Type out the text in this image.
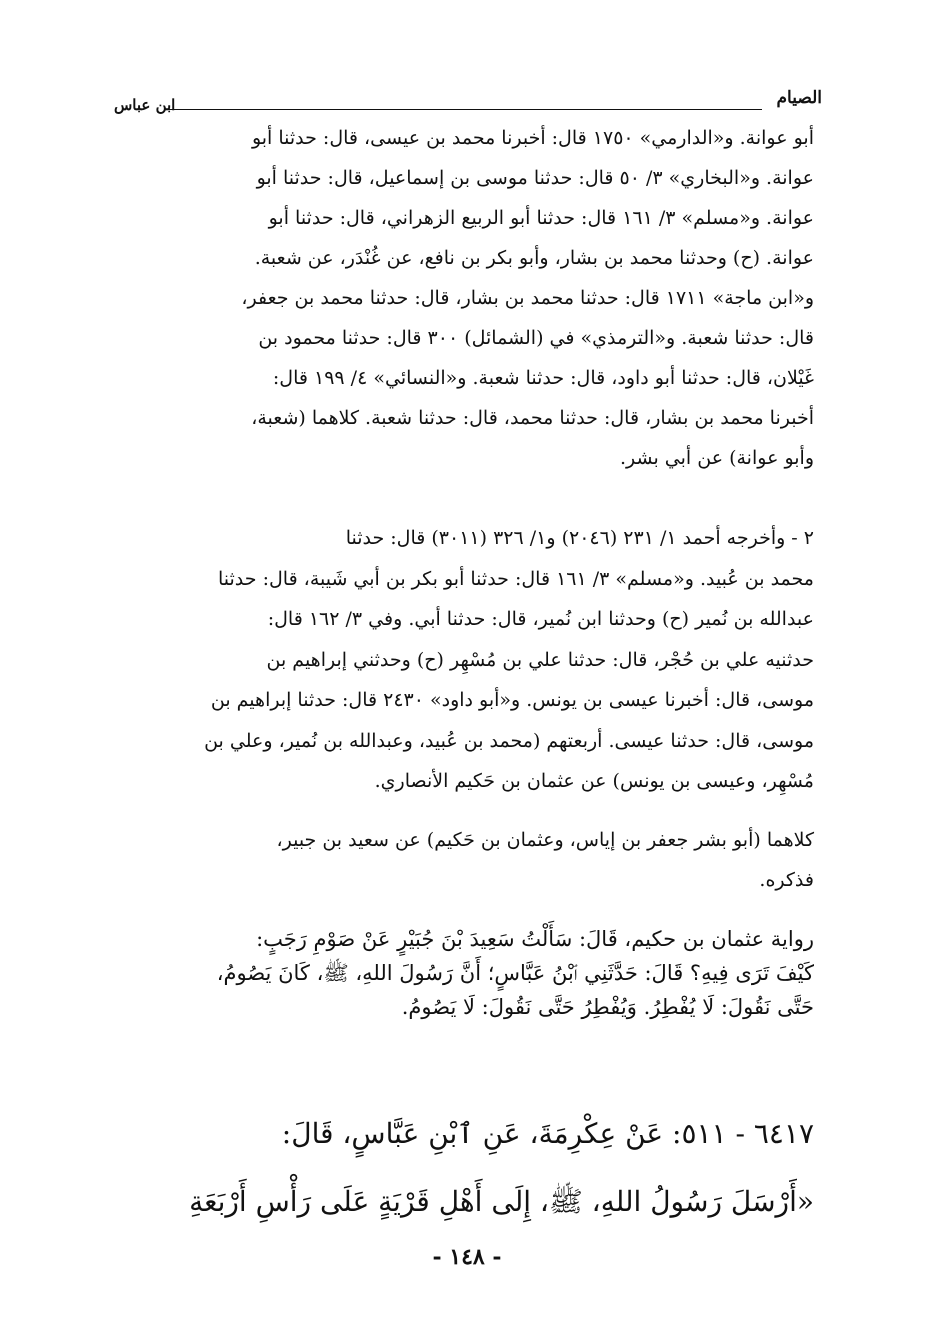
الصيام
ابن عباس

أبو عوانة. و«الدارمي» ١٧٥٠ قال: أخبرنا محمد بن عيسى، قال: حدثنا أبو

عوانة. و«البخاري» ٣/ ٥٠ قال: حدثنا موسى بن إسماعيل، قال: حدثنا أبو

عوانة. و«مسلم» ٣/ ١٦١ قال: حدثنا أبو الربيع الزهراني، قال: حدثنا أبو

عوانة. (ح) وحدثنا محمد بن بشار، وأبو بكر بن نافع، عن غُنْدَر، عن شعبة.

و«ابن ماجة» ١٧١١ قال: حدثنا محمد بن بشار، قال: حدثنا محمد بن جعفر،

قال: حدثنا شعبة. و«الترمذي» في (الشمائل) ٣٠٠ قال: حدثنا محمود بن

غَيْلان، قال: حدثنا أبو داود، قال: حدثنا شعبة. و«النسائي» ٤/ ١٩٩ قال:

أخبرنا محمد بن بشار، قال: حدثنا محمد، قال: حدثنا شعبة. كلاهما (شعبة،

وأبو عوانة) عن أبي بشر.

٢ - وأخرجه أحمد ١/ ٢٣١ (٢٠٤٦) و١/ ٣٢٦ (٣٠١١) قال: حدثنا

محمد بن عُبيد. و«مسلم» ٣/ ١٦١ قال: حدثنا أبو بكر بن أبي شَيبة، قال: حدثنا

عبدالله بن نُمير (ح) وحدثنا ابن نُمير، قال: حدثنا أبي. وفي ٣/ ١٦٢ قال:

حدثنيه علي بن حُجْر، قال: حدثنا علي بن مُسْهِر (ح) وحدثني إبراهيم بن

موسى، قال: أخبرنا عيسى بن يونس. و«أبو داود» ٢٤٣٠ قال: حدثنا إبراهيم بن

موسى، قال: حدثنا عيسى. أربعتهم (محمد بن عُبيد، وعبدالله بن نُمير، وعلي بن

مُسْهِر، وعيسى بن يونس) عن عثمان بن حَكيم الأنصاري.

كلاهما (أبو بشر جعفر بن إياس، وعثمان بن حَكيم) عن سعيد بن جبير،

فذكره.

رواية عثمان بن حكيم، قَالَ: سَأَلْتُ سَعِيدَ بْنَ جُبَيْرٍ عَنْ صَوْمِ رَجَبٍ:

كَيْفَ تَرَى فِيهِ؟ قَالَ: حَدَّثَنِي ٱبْنُ عَبَّاسٍ؛ أَنَّ رَسُولَ اللهِ، ﷺ، كَانَ يَصُومُ،

حَتَّى نَقُولَ: لَا يُفْطِرُ. وَيُفْطِرُ حَتَّى نَقُولَ: لَا يَصُومُ.

٦٤١٧ - ٥١١: عَنْ عِكْرِمَةَ، عَنِ ٱبْنِ عَبَّاسٍ، قَالَ:

«أَرْسَلَ رَسُولُ اللهِ، ﷺ، إِلَى أَهْلِ قَرْيَةٍ عَلَى رَأْسِ أَرْبَعَةِ

- ١٤٨ -
